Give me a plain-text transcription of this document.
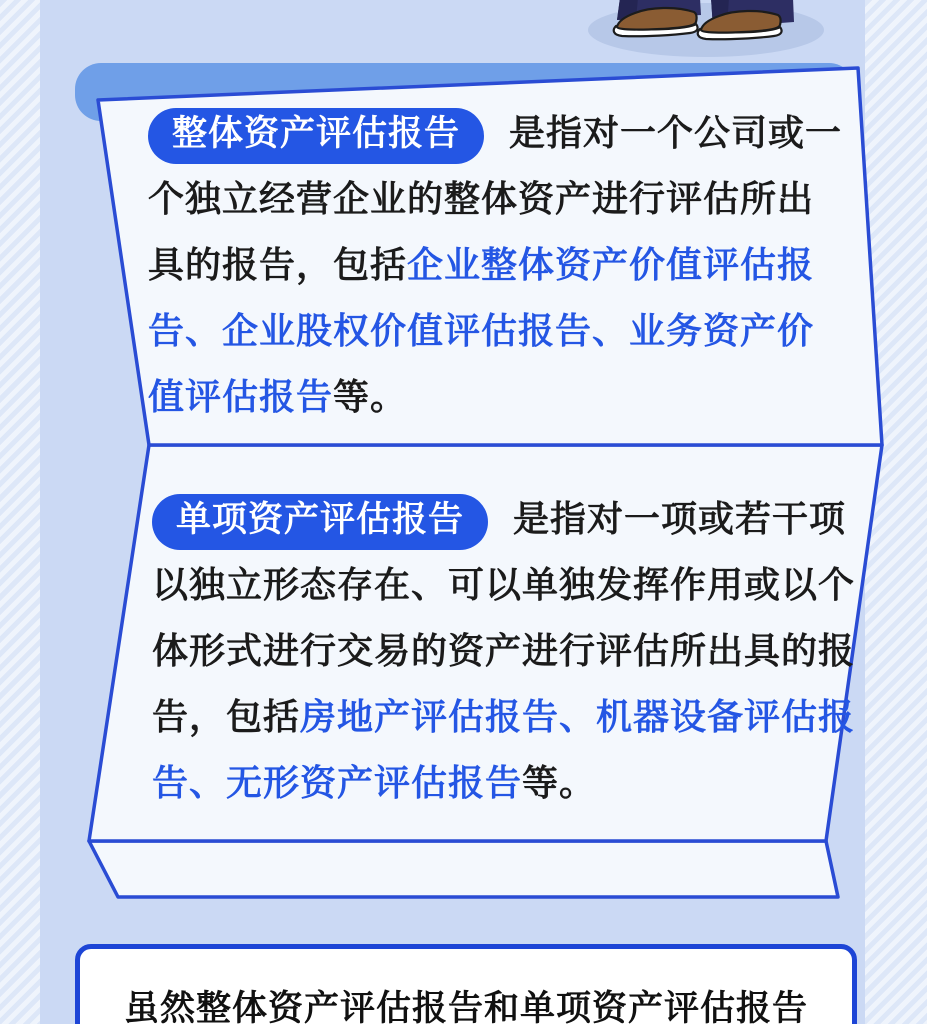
整体资产评估报告 是指对一个公司或一个独立经营企业的整体资产进行评估所出具的报告，包括企业整体资产价值评估报告、企业股权价值评估报告、业务资产价值评估报告等。

单项资产评估报告 是指对一项或若干项以独立形态存在、可以单独发挥作用或以个体形式进行交易的资产进行评估所出具的报告，包括房地产评估报告、机器设备评估报告、无形资产评估报告等。

虽然整体资产评估报告和单项资产评估报告
